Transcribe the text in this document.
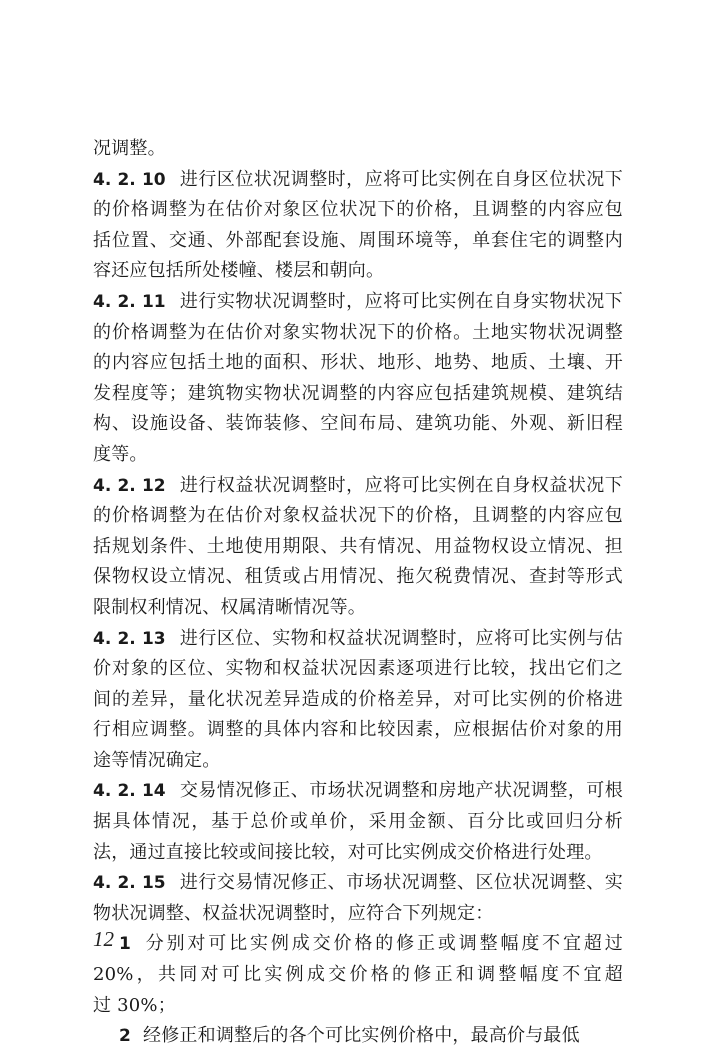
况调整。
4. 2. 10 进行区位状况调整时，应将可比实例在自身区位状况下
的价格调整为在估价对象区位状况下的价格，且调整的内容应包
括位置、交通、外部配套设施、周围环境等，单套住宅的调整内
容还应包括所处楼幢、楼层和朝向。
4. 2. 11 进行实物状况调整时，应将可比实例在自身实物状况下
的价格调整为在估价对象实物状况下的价格。土地实物状况调整
的内容应包括土地的面积、形状、地形、地势、地质、土壤、开
发程度等；建筑物实物状况调整的内容应包括建筑规模、建筑结
构、设施设备、装饰装修、空间布局、建筑功能、外观、新旧程
度等。
4. 2. 12 进行权益状况调整时，应将可比实例在自身权益状况下
的价格调整为在估价对象权益状况下的价格，且调整的内容应包
括规划条件、土地使用期限、共有情况、用益物权设立情况、担
保物权设立情况、租赁或占用情况、拖欠税费情况、查封等形式
限制权利情况、权属清晰情况等。
4. 2. 13 进行区位、实物和权益状况调整时，应将可比实例与估
价对象的区位、实物和权益状况因素逐项进行比较，找出它们之
间的差异，量化状况差异造成的价格差异，对可比实例的价格进
行相应调整。调整的具体内容和比较因素，应根据估价对象的用
途等情况确定。
4. 2. 14 交易情况修正、市场状况调整和房地产状况调整，可根
据具体情况，基于总价或单价，采用金额、百分比或回归分析
法，通过直接比较或间接比较，对可比实例成交价格进行处理。
4. 2. 15 进行交易情况修正、市场状况调整、区位状况调整、实
物状况调整、权益状况调整时，应符合下列规定：
1 分别对可比实例成交价格的修正或调整幅度不宜超过
20%，共同对可比实例成交价格的修正和调整幅度不宜超
过 30%；
2 经修正和调整后的各个可比实例价格中，最高价与最低
12
